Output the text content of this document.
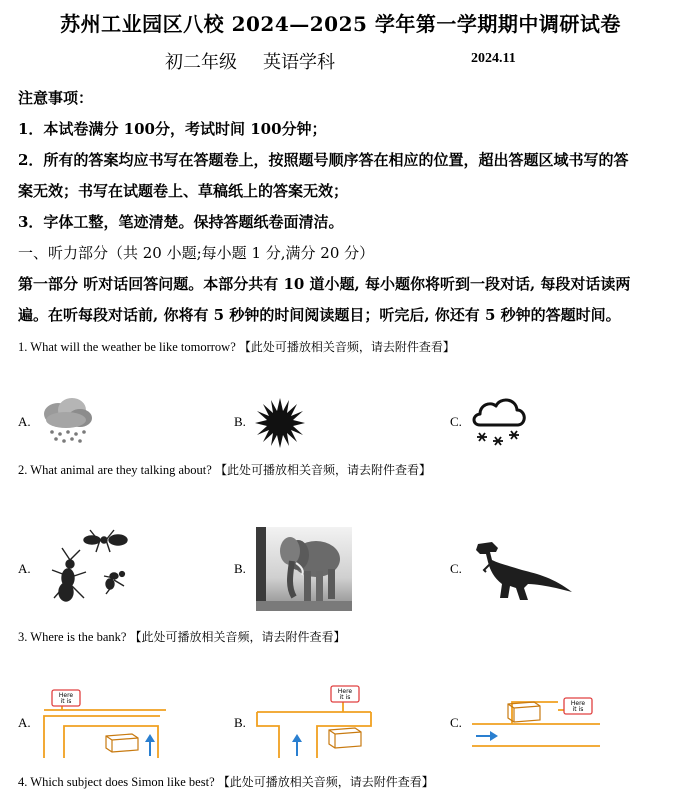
苏州工业园区八校 2024—2025 学年第一学期期中调研试卷
初二年级 英语学科	2024.11
注意事项：
1．本试卷满分 100分，考试时间 100分钟；
2．所有的答案均应书写在答题卷上，按照题号顺序答在相应的位置，超出答题区域书写的答
案无效；书写在试题卷上、草稿纸上的答案无效；
3．字体工整，笔迹清楚。保持答题纸卷面清洁。
一、听力部分（共 20 小题;每小题 1 分,满分 20 分）
第一部分 听对话回答问题。本部分共有 10 道小题, 每小题你将听到一段对话, 每段对话读两
遍。在听每段对话前, 你将有 5 秒钟的时间阅读题目；听完后, 你还有 5 秒钟的答题时间。
1. What will the weather be like tomorrow? 【此处可播放相关音频，请去附件查看】
A.	B.	C.
2. What animal are they talking about? 【此处可播放相关音频，请去附件查看】
A.	B.	C.
3. Where is the bank? 【此处可播放相关音频，请去附件查看】
A.	B.	C.
Here
it is
Here
it is
Here
it is
4. Which subject does Simon like best? 【此处可播放相关音频，请去附件查看】
